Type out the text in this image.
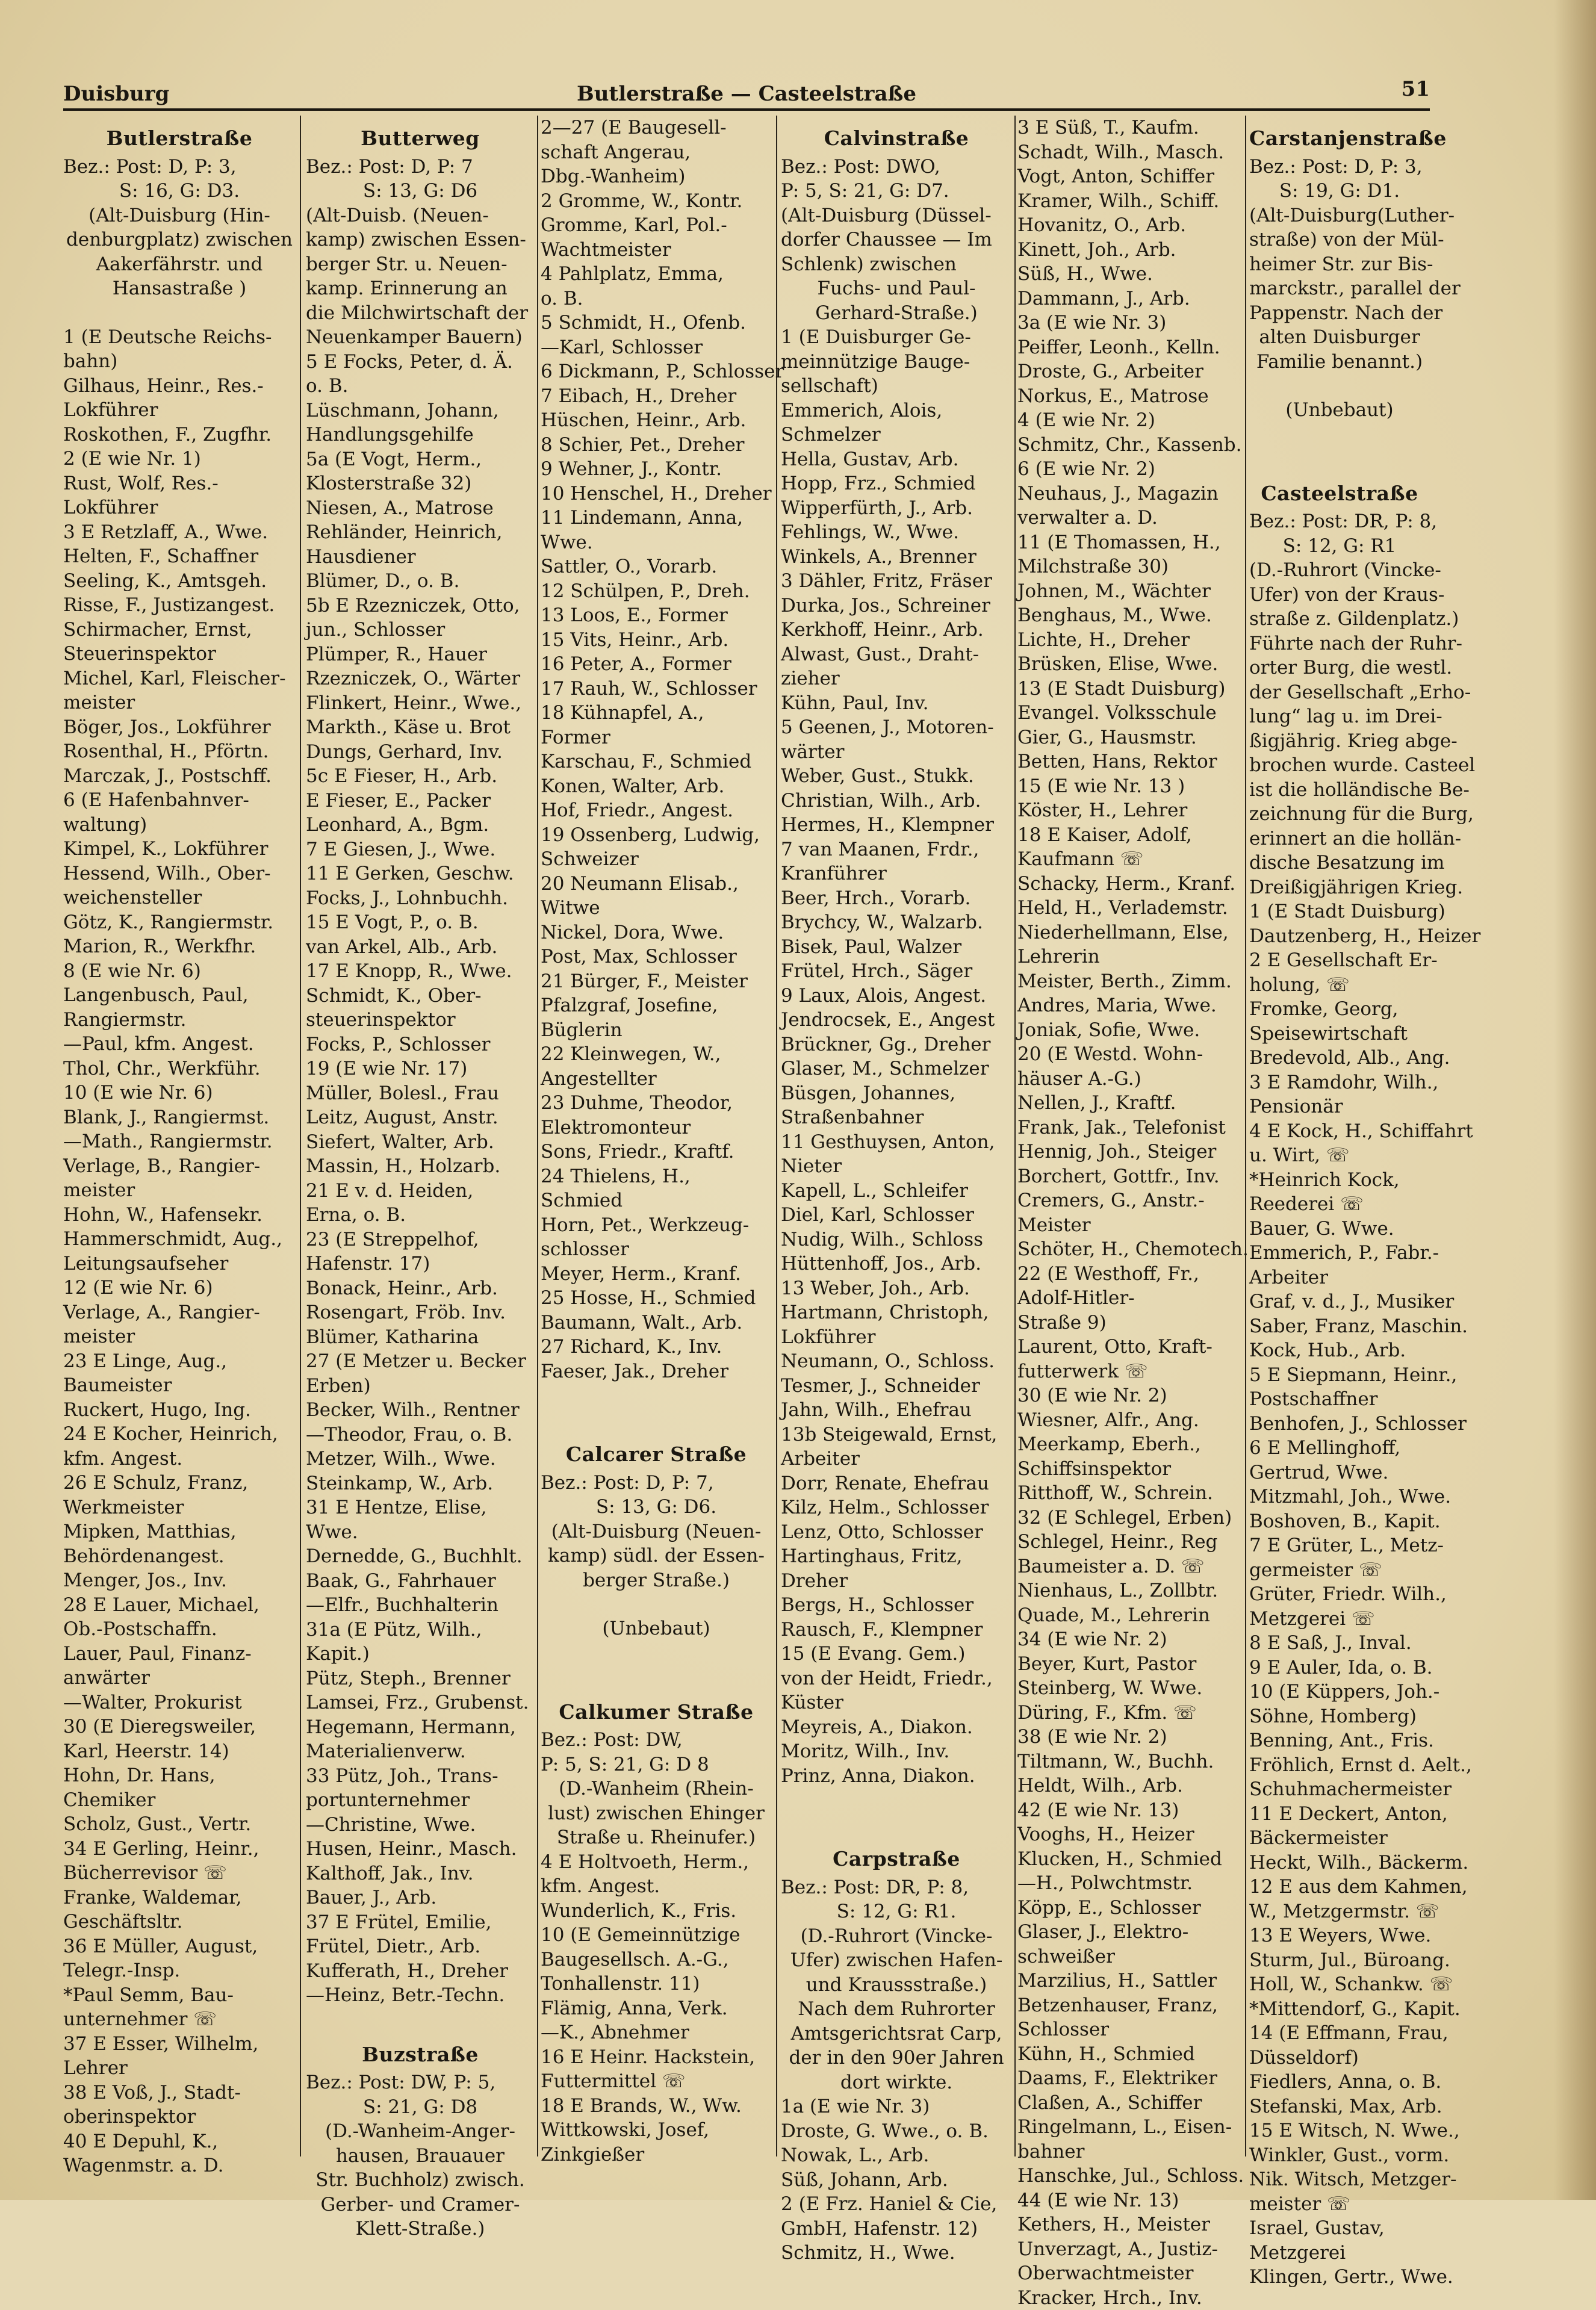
Duisburg	Butlerstraße — Casteelstraße	51
Butlerstraße
Bez.: Post: D, P: 3,
S: 16, G: D3.
(Alt-Duisburg (Hin-
denburgplatz) zwischen
Aakerfährstr. und
Hansastraße )
1 (E Deutsche Reichs-
bahn)
Gilhaus, Heinr., Res.-
Lokführer
Roskothen, F., Zugfhr.
2 (E wie Nr. 1)
Rust, Wolf, Res.-
Lokführer
3 E Retzlaff, A., Wwe.
Helten, F., Schaffner
Seeling, K., Amtsgeh.
Risse, F., Justizangest.
Schirmacher, Ernst,
Steuerinspektor
Michel, Karl, Fleischer-
meister
Böger, Jos., Lokführer
Rosenthal, H., Pförtn.
Marczak, J., Postschff.
6 (E Hafenbahnver-
waltung)
Kimpel, K., Lokführer
Hessend, Wilh., Ober-
weichensteller
Götz, K., Rangiermstr.
Marion, R., Werkfhr.
8 (E wie Nr. 6)
Langenbusch, Paul,
Rangiermstr.
—Paul, kfm. Angest.
Thol, Chr., Werkführ.
10 (E wie Nr. 6)
Blank, J., Rangiermst.
—Math., Rangiermstr.
Verlage, B., Rangier-
meister
Hohn, W., Hafensekr.
Hammerschmidt, Aug.,
Leitungsaufseher
12 (E wie Nr. 6)
Verlage, A., Rangier-
meister
23 E Linge, Aug.,
Baumeister
Ruckert, Hugo, Ing.
24 E Kocher, Heinrich,
kfm. Angest.
26 E Schulz, Franz,
Werkmeister
Mipken, Matthias,
Behördenangest.
Menger, Jos., Inv.
28 E Lauer, Michael,
Ob.-Postschaffn.
Lauer, Paul, Finanz-
anwärter
—Walter, Prokurist
30 (E Dieregsweiler,
Karl, Heerstr. 14)
Hohn, Dr. Hans,
Chemiker
Scholz, Gust., Vertr.
34 E Gerling, Heinr.,
Bücherrevisor ☏
Franke, Waldemar,
Geschäftsltr.
36 E Müller, August,
Telegr.-Insp.
*Paul Semm, Bau-
unternehmer ☏
37 E Esser, Wilhelm,
Lehrer
38 E Voß, J., Stadt-
oberinspektor
40 E Depuhl, K.,
Wagenmstr. a. D.
Butterweg
Bez.: Post: D, P: 7
S: 13, G: D6
(Alt-Duisb. (Neuen-
kamp) zwischen Essen-
berger Str. u. Neuen-
kamp. Erinnerung an
die Milchwirtschaft der
Neuenkamper Bauern)
5 E Focks, Peter, d. Ä.
o. B.
Lüschmann, Johann,
Handlungsgehilfe
5a (E Vogt, Herm.,
Klosterstraße 32)
Niesen, A., Matrose
Rehländer, Heinrich,
Hausdiener
Blümer, D., o. B.
5b E Rzezniczek, Otto,
jun., Schlosser
Plümper, R., Hauer
Rzezniczek, O., Wärter
Flinkert, Heinr., Wwe.,
Markth., Käse u. Brot
Dungs, Gerhard, Inv.
5c E Fieser, H., Arb.
E Fieser, E., Packer
Leonhard, A., Bgm.
7 E Giesen, J., Wwe.
11 E Gerken, Geschw.
Focks, J., Lohnbuchh.
15 E Vogt, P., o. B.
van Arkel, Alb., Arb.
17 E Knopp, R., Wwe.
Schmidt, K., Ober-
steuerinspektor
Focks, P., Schlosser
19 (E wie Nr. 17)
Müller, Bolesl., Frau
Leitz, August, Anstr.
Siefert, Walter, Arb.
Massin, H., Holzarb.
21 E v. d. Heiden,
Erna, o. B.
23 (E Streppelhof,
Hafenstr. 17)
Bonack, Heinr., Arb.
Rosengart, Fröb. Inv.
Blümer, Katharina
27 (E Metzer u. Becker
Erben)
Becker, Wilh., Rentner
—Theodor, Frau, o. B.
Metzer, Wilh., Wwe.
Steinkamp, W., Arb.
31 E Hentze, Elise,
Wwe.
Dernedde, G., Buchhlt.
Baak, G., Fahrhauer
—Elfr., Buchhalterin
31a (E Pütz, Wilh.,
Kapit.)
Pütz, Steph., Brenner
Lamsei, Frz., Grubenst.
Hegemann, Hermann,
Materialienverw.
33 Pütz, Joh., Trans-
portunternehmer
—Christine, Wwe.
Husen, Heinr., Masch.
Kalthoff, Jak., Inv.
Bauer, J., Arb.
37 E Frütel, Emilie,
Frütel, Dietr., Arb.
Kufferath, H., Dreher
—Heinz, Betr.-Techn.
Buzstraße
Bez.: Post: DW, P: 5,
S: 21, G: D8
(D.-Wanheim-Anger-
hausen, Brauauer
Str. Buchholz) zwisch.
Gerber- und Cramer-
Klett-Straße.)
2—27 (E Baugesell-
schaft Angerau,
Dbg.-Wanheim)
2 Gromme, W., Kontr.
Gromme, Karl, Pol.-
Wachtmeister
4 Pahlplatz, Emma,
o. B.
5 Schmidt, H., Ofenb.
—Karl, Schlosser
6 Dickmann, P., Schlosser
7 Eibach, H., Dreher
Hüschen, Heinr., Arb.
8 Schier, Pet., Dreher
9 Wehner, J., Kontr.
10 Henschel, H., Dreher
11 Lindemann, Anna,
Wwe.
Sattler, O., Vorarb.
12 Schülpen, P., Dreh.
13 Loos, E., Former
15 Vits, Heinr., Arb.
16 Peter, A., Former
17 Rauh, W., Schlosser
18 Kühnapfel, A.,
Former
Karschau, F., Schmied
Konen, Walter, Arb.
Hof, Friedr., Angest.
19 Ossenberg, Ludwig,
Schweizer
20 Neumann Elisab.,
Witwe
Nickel, Dora, Wwe.
Post, Max, Schlosser
21 Bürger, F., Meister
Pfalzgraf, Josefine,
Büglerin
22 Kleinwegen, W.,
Angestellter
23 Duhme, Theodor,
Elektromonteur
Sons, Friedr., Kraftf.
24 Thielens, H.,
Schmied
Horn, Pet., Werkzeug-
schlosser
Meyer, Herm., Kranf.
25 Hosse, H., Schmied
Baumann, Walt., Arb.
27 Richard, K., Inv.
Faeser, Jak., Dreher
Calcarer Straße
Bez.: Post: D, P: 7,
S: 13, G: D6.
(Alt-Duisburg (Neuen-
kamp) südl. der Essen-
berger Straße.)
(Unbebaut)
Calkumer Straße
Bez.: Post: DW,
P: 5, S: 21, G: D 8
(D.-Wanheim (Rhein-
lust) zwischen Ehinger
Straße u. Rheinufer.)
4 E Holtvoeth, Herm.,
kfm. Angest.
Wunderlich, K., Fris.
10 (E Gemeinnützige
Baugesellsch. A.-G.,
Tonhallenstr. 11)
Flämig, Anna, Verk.
—K., Abnehmer
16 E Heinr. Hackstein,
Futtermittel ☏
18 E Brands, W., Ww.
Wittkowski, Josef,
Zinkgießer
Calvinstraße
Bez.: Post: DWO,
P: 5, S: 21, G: D7.
(Alt-Duisburg (Düssel-
dorfer Chaussee — Im
Schlenk) zwischen
Fuchs- und Paul-
Gerhard-Straße.)
1 (E Duisburger Ge-
meinnützige Bauge-
sellschaft)
Emmerich, Alois,
Schmelzer
Hella, Gustav, Arb.
Hopp, Frz., Schmied
Wipperfürth, J., Arb.
Fehlings, W., Wwe.
Winkels, A., Brenner
3 Dähler, Fritz, Fräser
Durka, Jos., Schreiner
Kerkhoff, Heinr., Arb.
Alwast, Gust., Draht-
zieher
Kühn, Paul, Inv.
5 Geenen, J., Motoren-
wärter
Weber, Gust., Stukk.
Christian, Wilh., Arb.
Hermes, H., Klempner
7 van Maanen, Frdr.,
Kranführer
Beer, Hrch., Vorarb.
Brychcy, W., Walzarb.
Bisek, Paul, Walzer
Frütel, Hrch., Säger
9 Laux, Alois, Angest.
Jendrocsek, E., Angest
Brückner, Gg., Dreher
Glaser, M., Schmelzer
Büsgen, Johannes,
Straßenbahner
11 Gesthuysen, Anton,
Nieter
Kapell, L., Schleifer
Diel, Karl, Schlosser
Nudig, Wilh., Schloss
Hüttenhoff, Jos., Arb.
13 Weber, Joh., Arb.
Hartmann, Christoph,
Lokführer
Neumann, O., Schloss.
Tesmer, J., Schneider
Jahn, Wilh., Ehefrau
13b Steigewald, Ernst,
Arbeiter
Dorr, Renate, Ehefrau
Kilz, Helm., Schlosser
Lenz, Otto, Schlosser
Hartinghaus, Fritz,
Dreher
Bergs, H., Schlosser
Rausch, F., Klempner
15 (E Evang. Gem.)
von der Heidt, Friedr.,
Küster
Meyreis, A., Diakon.
Moritz, Wilh., Inv.
Prinz, Anna, Diakon.
Carpstraße
Bez.: Post: DR, P: 8,
S: 12, G: R1.
(D.-Ruhrort (Vincke-
Ufer) zwischen Hafen-
und Kraussstraße.)
Nach dem Ruhrorter
Amtsgerichtsrat Carp,
der in den 90er Jahren
dort wirkte.
1a (E wie Nr. 3)
Droste, G. Wwe., o. B.
Nowak, L., Arb.
Süß, Johann, Arb.
2 (E Frz. Haniel & Cie,
GmbH, Hafenstr. 12)
Schmitz, H., Wwe.
3 E Süß, T., Kaufm.
Schadt, Wilh., Masch.
Vogt, Anton, Schiffer
Kramer, Wilh., Schiff.
Hovanitz, O., Arb.
Kinett, Joh., Arb.
Süß, H., Wwe.
Dammann, J., Arb.
3a (E wie Nr. 3)
Peiffer, Leonh., Kelln.
Droste, G., Arbeiter
Norkus, E., Matrose
4 (E wie Nr. 2)
Schmitz, Chr., Kassenb.
6 (E wie Nr. 2)
Neuhaus, J., Magazin
verwalter a. D.
11 (E Thomassen, H.,
Milchstraße 30)
Johnen, M., Wächter
Benghaus, M., Wwe.
Lichte, H., Dreher
Brüsken, Elise, Wwe.
13 (E Stadt Duisburg)
Evangel. Volksschule
Gier, G., Hausmstr.
Betten, Hans, Rektor
15 (E wie Nr. 13 )
Köster, H., Lehrer
18 E Kaiser, Adolf,
Kaufmann ☏
Schacky, Herm., Kranf.
Held, H., Verlademstr.
Niederhellmann, Else,
Lehrerin
Meister, Berth., Zimm.
Andres, Maria, Wwe.
Joniak, Sofie, Wwe.
20 (E Westd. Wohn-
häuser A.-G.)
Nellen, J., Kraftf.
Frank, Jak., Telefonist
Hennig, Joh., Steiger
Borchert, Gottfr., Inv.
Cremers, G., Anstr.-
Meister
Schöter, H., Chemotech.
22 (E Westhoff, Fr.,
Adolf-Hitler-
Straße 9)
Laurent, Otto, Kraft-
futterwerk ☏
30 (E wie Nr. 2)
Wiesner, Alfr., Ang.
Meerkamp, Eberh.,
Schiffsinspektor
Ritthoff, W., Schrein.
32 (E Schlegel, Erben)
Schlegel, Heinr., Reg
Baumeister a. D. ☏
Nienhaus, L., Zollbtr.
Quade, M., Lehrerin
34 (E wie Nr. 2)
Beyer, Kurt, Pastor
Steinberg, W. Wwe.
Düring, F., Kfm. ☏
38 (E wie Nr. 2)
Tiltmann, W., Buchh.
Heldt, Wilh., Arb.
42 (E wie Nr. 13)
Vooghs, H., Heizer
Klucken, H., Schmied
—H., Polwchtmstr.
Köpp, E., Schlosser
Glaser, J., Elektro-
schweißer
Marzilius, H., Sattler
Betzenhauser, Franz,
Schlosser
Kühn, H., Schmied
Daams, F., Elektriker
Claßen, A., Schiffer
Ringelmann, L., Eisen-
bahner
Hanschke, Jul., Schloss.
44 (E wie Nr. 13)
Kethers, H., Meister
Unverzagt, A., Justiz-
Oberwachtmeister
Kracker, Hrch., Inv.
Carstanjenstraße
Bez.: Post: D, P: 3,
S: 19, G: D1.
(Alt-Duisburg(Luther-
straße) von der Mül-
heimer Str. zur Bis-
marckstr., parallel der
Pappenstr. Nach der
alten Duisburger
Familie benannt.)
(Unbebaut)
Casteelstraße
Bez.: Post: DR, P: 8,
S: 12, G: R1
(D.-Ruhrort (Vincke-
Ufer) von der Kraus-
straße z. Gildenplatz.)
Führte nach der Ruhr-
orter Burg, die westl.
der Gesellschaft „Erho-
lung“ lag u. im Drei-
ßigjährig. Krieg abge-
brochen wurde. Casteel
ist die holländische Be-
zeichnung für die Burg,
erinnert an die hollän-
dische Besatzung im
Dreißigjährigen Krieg.
1 (E Stadt Duisburg)
Dautzenberg, H., Heizer
2 E Gesellschaft Er-
holung, ☏
Fromke, Georg,
Speisewirtschaft
Bredevold, Alb., Ang.
3 E Ramdohr, Wilh.,
Pensionär
4 E Kock, H., Schiffahrt
u. Wirt, ☏
*Heinrich Kock,
Reederei ☏
Bauer, G. Wwe.
Emmerich, P., Fabr.-
Arbeiter
Graf, v. d., J., Musiker
Saber, Franz, Maschin.
Kock, Hub., Arb.
5 E Siepmann, Heinr.,
Postschaffner
Benhofen, J., Schlosser
6 E Mellinghoff,
Gertrud, Wwe.
Mitzmahl, Joh., Wwe.
Boshoven, B., Kapit.
7 E Grüter, L., Metz-
germeister ☏
Grüter, Friedr. Wilh.,
Metzgerei ☏
8 E Saß, J., Inval.
9 E Auler, Ida, o. B.
10 (E Küppers, Joh.-
Söhne, Homberg)
Benning, Ant., Fris.
Fröhlich, Ernst d. Aelt.,
Schuhmachermeister
11 E Deckert, Anton,
Bäckermeister
Heckt, Wilh., Bäckerm.
12 E aus dem Kahmen,
W., Metzgermstr. ☏
13 E Weyers, Wwe.
Sturm, Jul., Büroang.
Holl, W., Schankw. ☏
*Mittendorf, G., Kapit.
14 (E Effmann, Frau,
Düsseldorf)
Fiedlers, Anna, o. B.
Stefanski, Max, Arb.
15 E Witsch, N. Wwe.,
Winkler, Gust., vorm.
Nik. Witsch, Metzger-
meister ☏
Israel, Gustav,
Metzgerei
Klingen, Gertr., Wwe.
